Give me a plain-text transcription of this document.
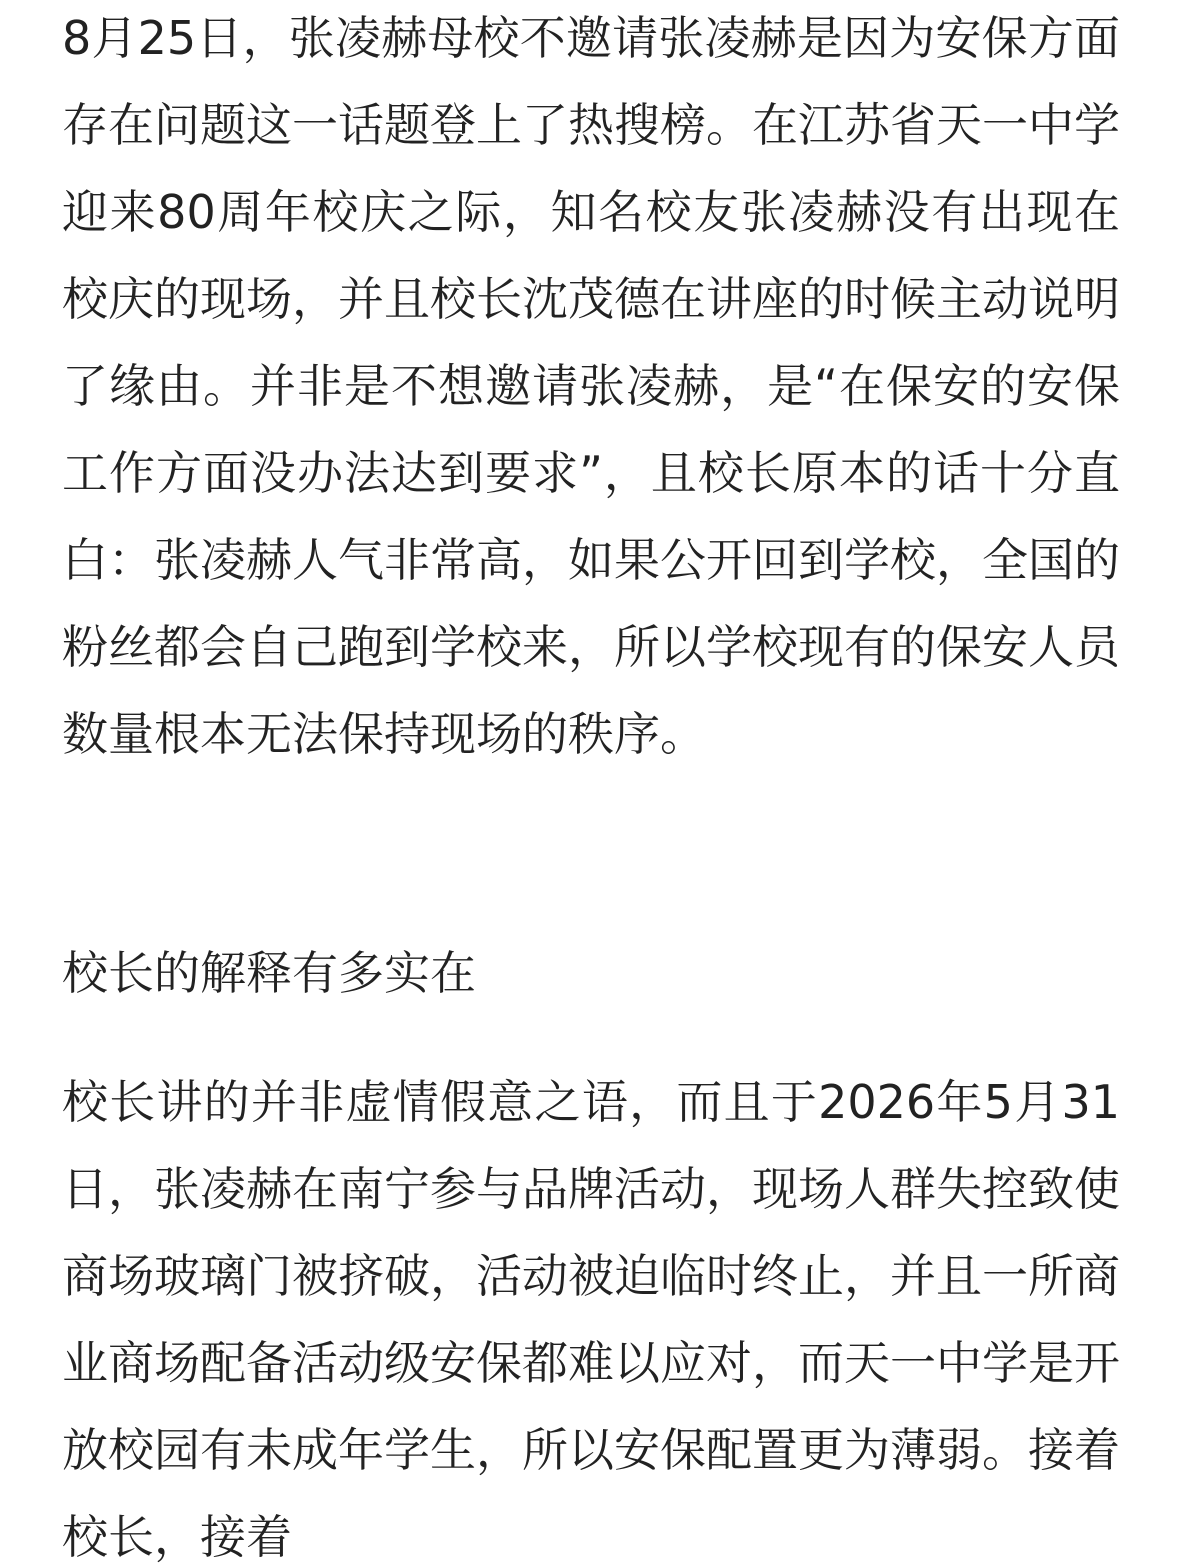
8月25日，张凌赫母校不邀请张凌赫是因为安保方面存在问题这一话题登上了热搜榜。在江苏省天一中学迎来80周年校庆之际，知名校友张凌赫没有出现在校庆的现场，并且校长沈茂德在讲座的时候主动说明了缘由。并非是不想邀请张凌赫，是“在保安的安保工作方面没办法达到要求”，且校长原本的话十分直白：张凌赫人气非常高，如果公开回到学校，全国的粉丝都会自己跑到学校来，所以学校现有的保安人员数量根本无法保持现场的秩序。

校长的解释有多实在

校长讲的并非虚情假意之语，而且于2026年5月31日，张凌赫在南宁参与品牌活动，现场人群失控致使商场玻璃门被挤破，活动被迫临时终止，并且一所商业商场配备活动级安保都难以应对，而天一中学是开放校园有未成年学生，所以安保配置更为薄弱。接着校长，接着
